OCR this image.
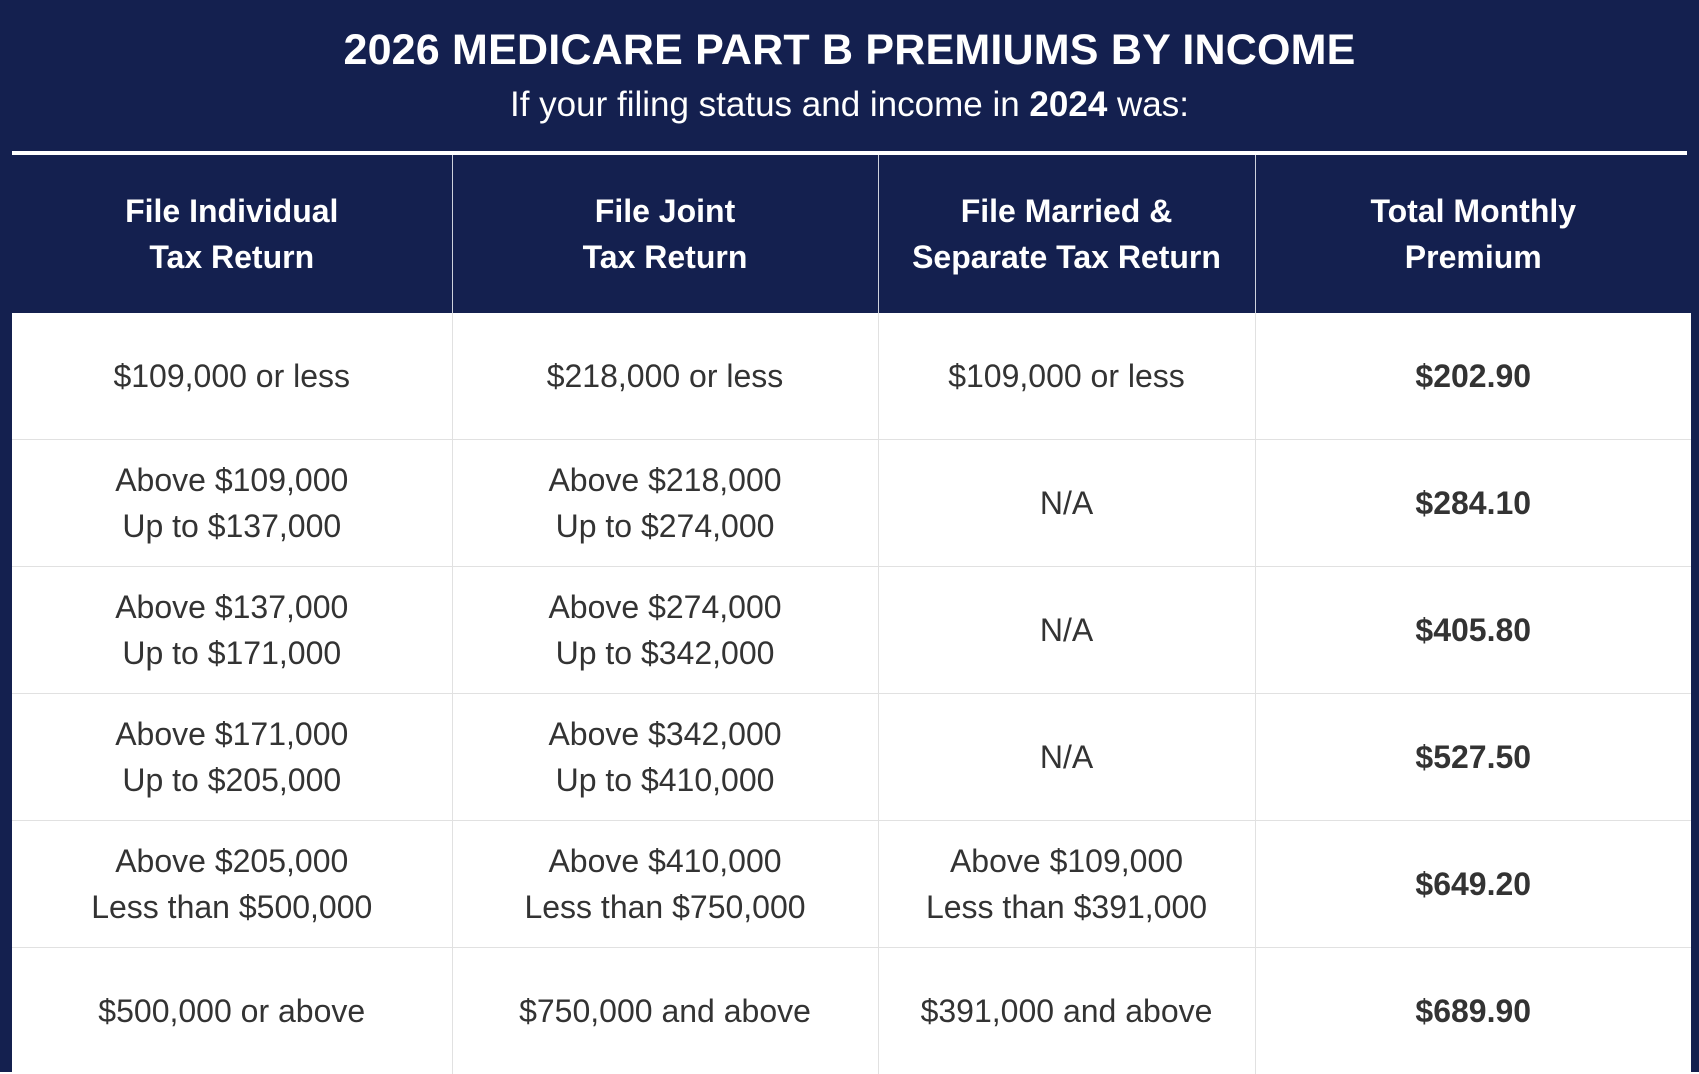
2026 MEDICARE PART B PREMIUMS BY INCOME
If your filing status and income in 2024 was:
File Individual
Tax Return	File Joint
Tax Return	File Married &
Separate Tax Return	Total Monthly
Premium

$109,000 or less	$218,000 or less	$109,000 or less	$202.90

Above $109,000
Up to $137,000	Above $218,000
Up to $274,000	N/A	$284.10

Above $137,000
Up to $171,000	Above $274,000
Up to $342,000	N/A	$405.80

Above $171,000
Up to $205,000	Above $342,000
Up to $410,000	N/A	$527.50

Above $205,000
Less than $500,000	Above $410,000
Less than $750,000	Above $109,000
Less than $391,000	$649.20

$500,000 or above	$750,000 and above	$391,000 and above	$689.90
